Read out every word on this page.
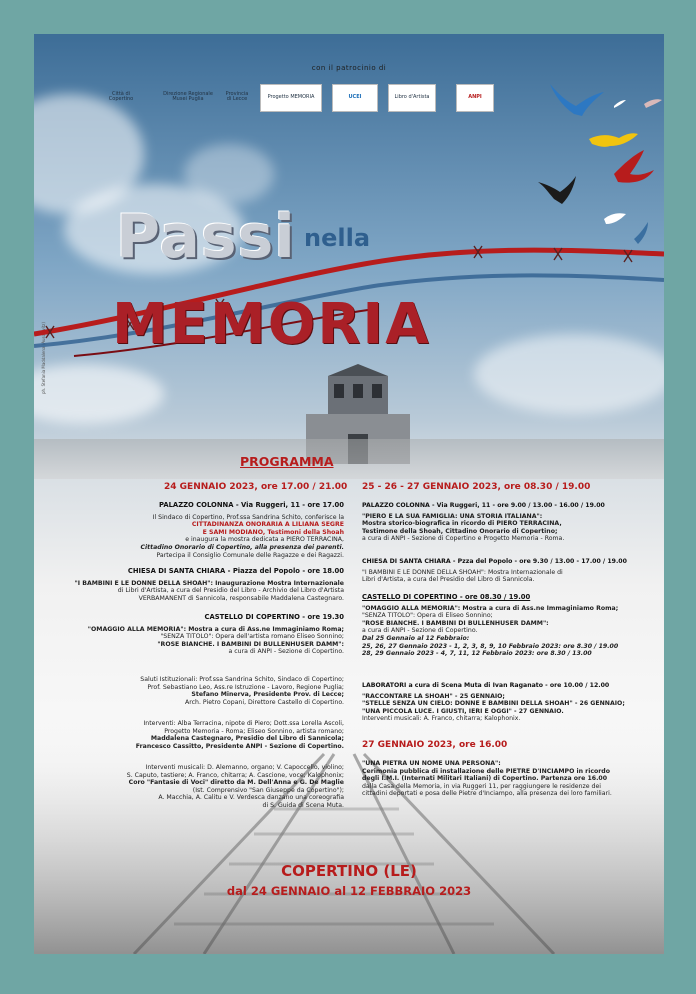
con il patrocinio di
Città di Copertino
Direzione Regionale Musei Puglia
Provincia di Lecce	Progetto MEMORIA	UCEI	Libro d'Artista	ANPI
ph. Stefania Maddalena (Auschwitz)
Passi nella
MEMORIA
PROGRAMMA
24 GENNAIO 2023, ore 17.00 / 21.00
PALAZZO COLONNA - Via Ruggeri, 11 - ore 17.00
Il Sindaco di Copertino, Prof.ssa Sandrina Schito, conferisce la
CITTADINANZA ONORARIA A LILIANA SEGRE
E SAMI MODIANO, Testimoni della Shoah
e inaugura la mostra dedicata a PIERO TERRACINA,
Cittadino Onorario di Copertino, alla presenza dei parenti.
Partecipa il Consiglio Comunale delle Ragazze e dei Ragazzi.
CHIESA DI SANTA CHIARA - Piazza del Popolo - ore 18.00
"I BAMBINI E LE DONNE DELLA SHOAH": Inaugurazione Mostra Internazionale
di Libri d'Artista, a cura del Presidio del Libro - Archivio del Libro d'Artista
VERBAMANENT di Sannicola, responsabile Maddalena Castegnaro.
CASTELLO DI COPERTINO - ore 19.30
"OMAGGIO ALLA MEMORIA": Mostra a cura di Ass.ne Immaginiamo Roma;
"SENZA TITOLO": Opera dell'artista romano Eliseo Sonnino;
"ROSE BIANCHE. I BAMBINI DI BULLENHUSER DAMM":
a cura di ANPI - Sezione di Copertino.
Saluti Istituzionali: Prof.ssa Sandrina Schito, Sindaco di Copertino;
Prof. Sebastiano Leo, Ass.re Istruzione - Lavoro, Regione Puglia;
Stefano Minerva, Presidente Prov. di Lecce;
Arch. Pietro Copani, Direttore Castello di Copertino.
Interventi: Alba Terracina, nipote di Piero; Dott.ssa Lorella Ascoli,
Progetto Memoria - Roma; Eliseo Sonnino, artista romano;
Maddalena Castegnaro, Presidio del Libro di Sannicola;
Francesco Cassitto, Presidente ANPI - Sezione di Copertino.
Interventi musicali: D. Alemanno, organo; V. Capoccello, violino;
S. Caputo, tastiere; A. Franco, chitarra; A. Cascione, voce; Kalophonix;
Coro "Fantasie di Voci" diretto da M. Dell'Anna e G. De Maglie
(Ist. Comprensivo "San Giuseppe da Copertino");
A. Macchia, A. Calitu e V. Verdesca danzano una coreografia
di S. Guida di Scena Muta.
25 - 26 - 27 GENNAIO 2023, ore 08.30 / 19.00
PALAZZO COLONNA - Via Ruggeri, 11 - ore 9.00 / 13.00 - 16.00 / 19.00
"PIERO E LA SUA FAMIGLIA: UNA STORIA ITALIANA":
Mostra storico-biografica in ricordo di PIERO TERRACINA,
Testimone della Shoah, Cittadino Onorario di Copertino;
a cura di ANPI - Sezione di Copertino e Progetto Memoria - Roma.
CHIESA DI SANTA CHIARA - Pzza del Popolo - ore 9.30 / 13.00 - 17.00 / 19.00
"I BAMBINI E LE DONNE DELLA SHOAH": Mostra Internazionale di
Libri d'Artista, a cura del Presidio del Libro di Sannicola.
CASTELLO DI COPERTINO - ore 08.30 / 19.00
"OMAGGIO ALLA MEMORIA": Mostra a cura di Ass.ne Immaginiamo Roma;
"SENZA TITOLO": Opera di Eliseo Sonnino;
"ROSE BIANCHE. I BAMBINI DI BULLENHUSER DAMM":
a cura di ANPI - Sezione di Copertino.
Dal 25 Gennaio al 12 Febbraio:
25, 26, 27 Gennaio 2023 - 1, 2, 3, 8, 9, 10 Febbraio 2023: ore 8.30 / 19.00
28, 29 Gennaio 2023 - 4, 7, 11, 12 Febbraio 2023: ore 8.30 / 13.00
LABORATORI a cura di Scena Muta di Ivan Raganato - ore 10.00 / 12.00
"RACCONTARE LA SHOAH" - 25 GENNAIO;
"STELLE SENZA UN CIELO: DONNE E BAMBINI DELLA SHOAH" - 26 GENNAIO;
"UNA PICCOLA LUCE. I GIUSTI, IERI E OGGI" - 27 GENNAIO.
Interventi musicali: A. Franco, chitarra; Kalophonix.
27 GENNAIO 2023, ore 16.00
"UNA PIETRA UN NOME UNA PERSONA":
Cerimonia pubblica di installazione delle PIETRE D'INCIAMPO in ricordo
degli I.M.I. (Internati Militari Italiani) di Copertino. Partenza ore 16.00
dalla Casa della Memoria, in via Ruggeri 11, per raggiungere le residenze dei
cittadini deportati e posa delle Pietre d'Inciampo, alla presenza dei loro familiari.
COPERTINO (LE)
dal 24 GENNAIO al 12 FEBBRAIO 2023
